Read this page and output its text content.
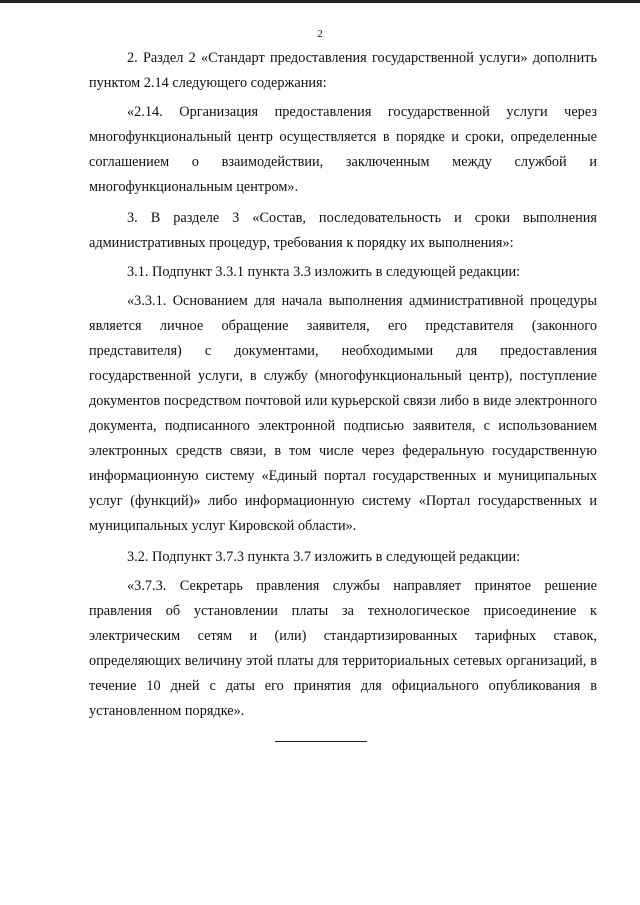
2

2. Раздел 2 «Стандарт предоставления государственной услуги» дополнить пунктом 2.14 следующего содержания:

«2.14. Организация предоставления государственной услуги через многофункциональный центр осуществляется в порядке и сроки, определенные соглашением о взаимодействии, заключенным между службой и многофункциональным центром».

3. В разделе 3 «Состав, последовательность и сроки выполнения административных процедур, требования к порядку их выполнения»:

3.1. Подпункт 3.3.1 пункта 3.3 изложить в следующей редакции:

«3.3.1. Основанием для начала выполнения административной процедуры является личное обращение заявителя, его представителя (законного представителя) с документами, необходимыми для предоставления государственной услуги, в службу (многофункциональный центр), поступление документов посредством почтовой или курьерской связи либо в виде электронного документа, подписанного электронной подписью заявителя, с использованием электронных средств связи, в том числе через федеральную государственную информационную систему «Единый портал государственных и муниципальных услуг (функций)» либо информационную систему «Портал государственных и муниципальных услуг Кировской области».

3.2. Подпункт 3.7.3 пункта 3.7 изложить в следующей редакции:

«3.7.3. Секретарь правления службы направляет принятое решение правления об установлении платы за технологическое присоединение к электрическим сетям и (или) стандартизированных тарифных ставок, определяющих величину этой платы для территориальных сетевых организаций, в течение 10 дней с даты его принятия для официального опубликования в установленном порядке».
